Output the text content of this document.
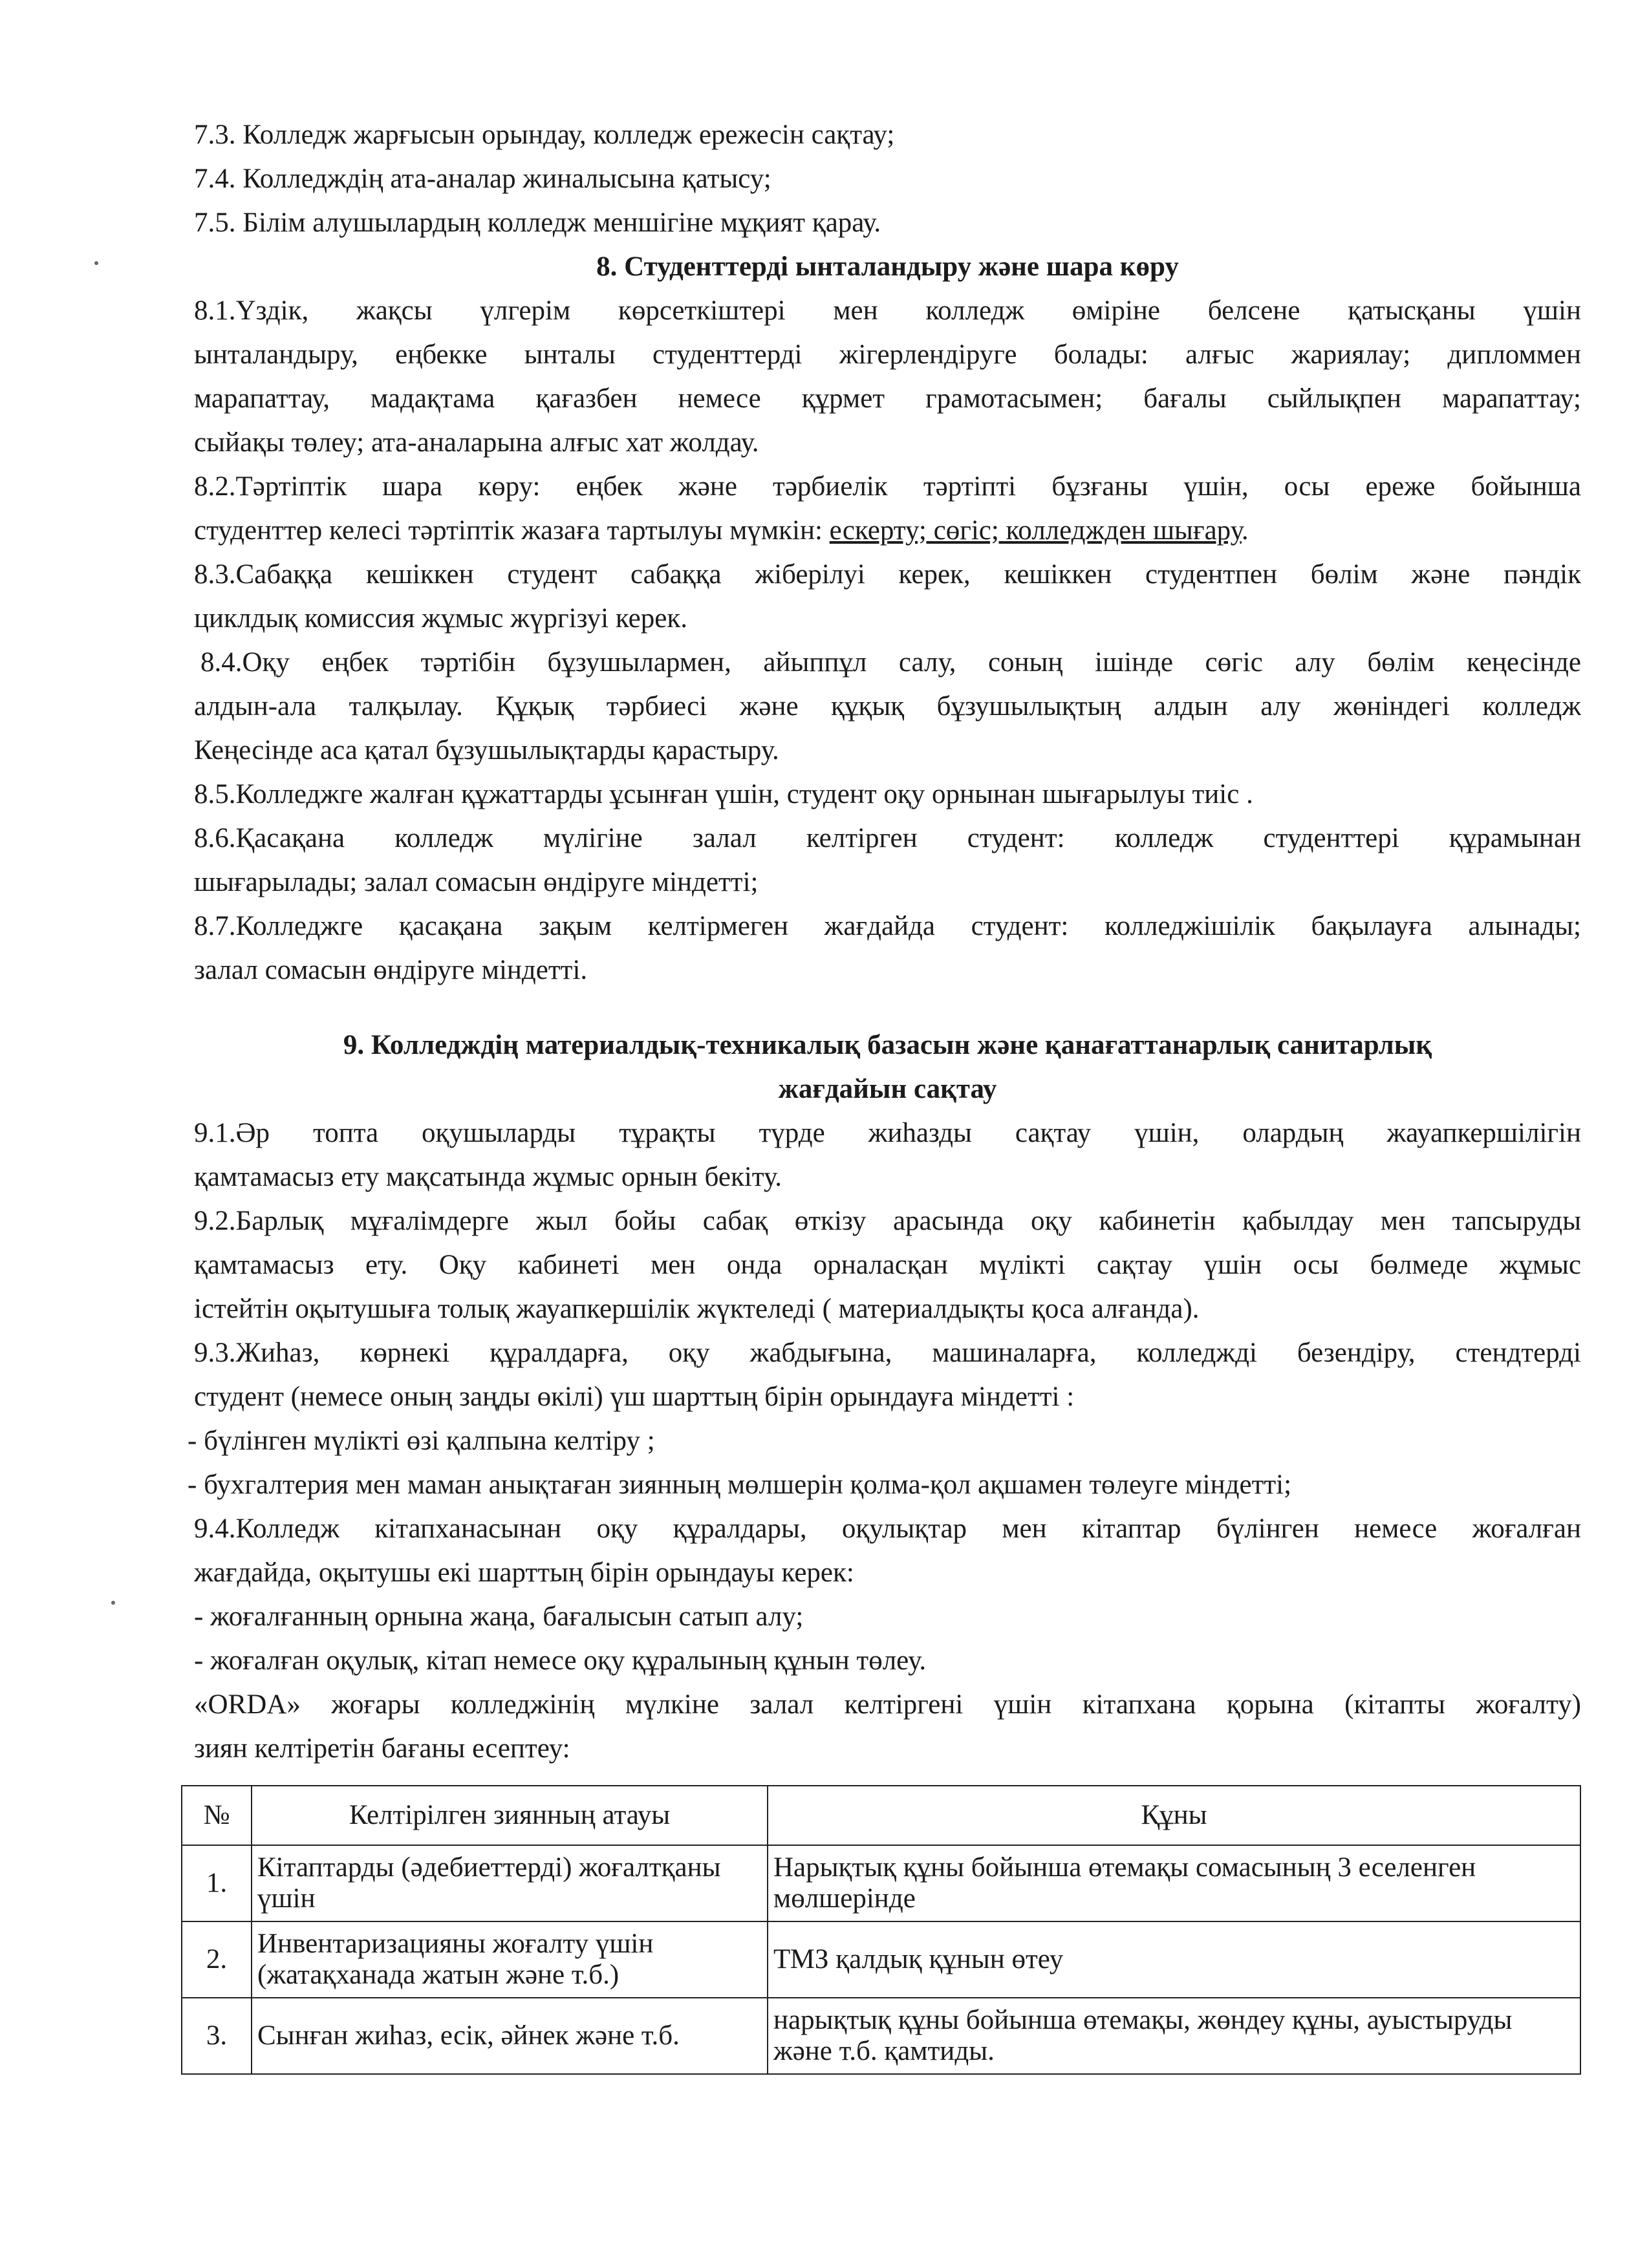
7.3. Колледж жарғысын орындау, колледж ережесін сақтау;
7.4. Колледждің ата-аналар жиналысына қатысу;
7.5. Білім алушылардың колледж меншігіне мұқият қарау.
8. Студенттерді ынталандыру және шара көру
8.1.Үздік, жақсы үлгерім көрсеткіштері мен колледж өміріне белсене қатысқаны үшін
ынталандыру, еңбекке ынталы студенттерді жігерлендіруге болады: алғыс жариялау; дипломмен
марапаттау, мадақтама қағазбен немесе құрмет грамотасымен; бағалы сыйлықпен марапаттау;
сыйақы төлеу; ата-аналарына алғыс хат жолдау.
8.2.Тәртіптік шара көру: еңбек және тәрбиелік тәртіпті бұзғаны үшін, осы ереже бойынша
студенттер келесі тәртіптік жазаға тартылуы мүмкін: ескерту; сөгіс; колледжден шығару.
8.3.Сабаққа кешіккен студент сабаққа жіберілуі керек, кешіккен студентпен бөлім және пәндік
циклдық комиссия жұмыс жүргізуі керек.
8.4.Оқу еңбек тәртібін бұзушылармен, айыппұл салу, соның ішінде сөгіс алу бөлім кеңесінде
алдын-ала талқылау. Құқық тәрбиесі және құқық бұзушылықтың алдын алу жөніндегі колледж
Кеңесінде аса қатал бұзушылықтарды қарастыру.
8.5.Колледжге жалған құжаттарды ұсынған үшін, студент оқу орнынан шығарылуы тиіс .
8.6.Қасақана колледж мүлігіне залал келтірген студент: колледж студенттері құрамынан
шығарылады; залал сомасын өндіруге міндетті;
8.7.Колледжге қасақана зақым келтірмеген жағдайда студент: колледжішілік бақылауға алынады;
залал сомасын өндіруге міндетті.
9. Колледждің материалдық-техникалық базасын және қанағаттанарлық санитарлық
жағдайын сақтау
9.1.Әр топта оқушыларды тұрақты түрде жиһазды сақтау үшін, олардың жауапкершілігін
қамтамасыз ету мақсатында жұмыс орнын бекіту.
9.2.Барлық мұғалімдерге жыл бойы сабақ өткізу арасында оқу кабинетін қабылдау мен тапсыруды
қамтамасыз ету. Оқу кабинеті мен онда орналасқан мүлікті сақтау үшін осы бөлмеде жұмыс
істейтін оқытушыға толық жауапкершілік жүктеледі ( материалдықты қоса алғанда).
9.3.Жиһаз, көрнекі құралдарға, оқу жабдығына, машиналарға, колледжді безендіру, стендтерді
студент (немесе оның заңды өкілі) үш шарттың бірін орындауға міндетті :
- бүлінген мүлікті өзі қалпына келтіру ;
- бухгалтерия мен маман анықтаған зиянның мөлшерін қолма-қол ақшамен төлеуге міндетті;
9.4.Колледж кітапханасынан оқу құралдары, оқулықтар мен кітаптар бүлінген немесе жоғалған
жағдайда, оқытушы екі шарттың бірін орындауы керек:
- жоғалғанның орнына жаңа, бағалысын сатып алу;
- жоғалған оқулық, кітап немесе оқу құралының құнын төлеу.
«ORDA» жоғары колледжінің мүлкіне залал келтіргені үшін кітапхана қорына (кітапты жоғалту)
зиян келтіретін бағаны есептеу:
№	Келтірілген зиянның атауы	Құны
1.	Кітаптарды (әдебиеттерді) жоғалтқаны үшін	Нарықтық құны бойынша өтемақы сомасының 3 еселенген мөлшерінде
2.	Инвентаризацияны жоғалту үшін (жатақханада жатын және т.б.)	ТМЗ қалдық құнын өтеу
3.	Сынған жиһаз, есік, әйнек және т.б.	нарықтық құны бойынша өтемақы, жөндеу құны, ауыстыруды және т.б. қамтиды.
